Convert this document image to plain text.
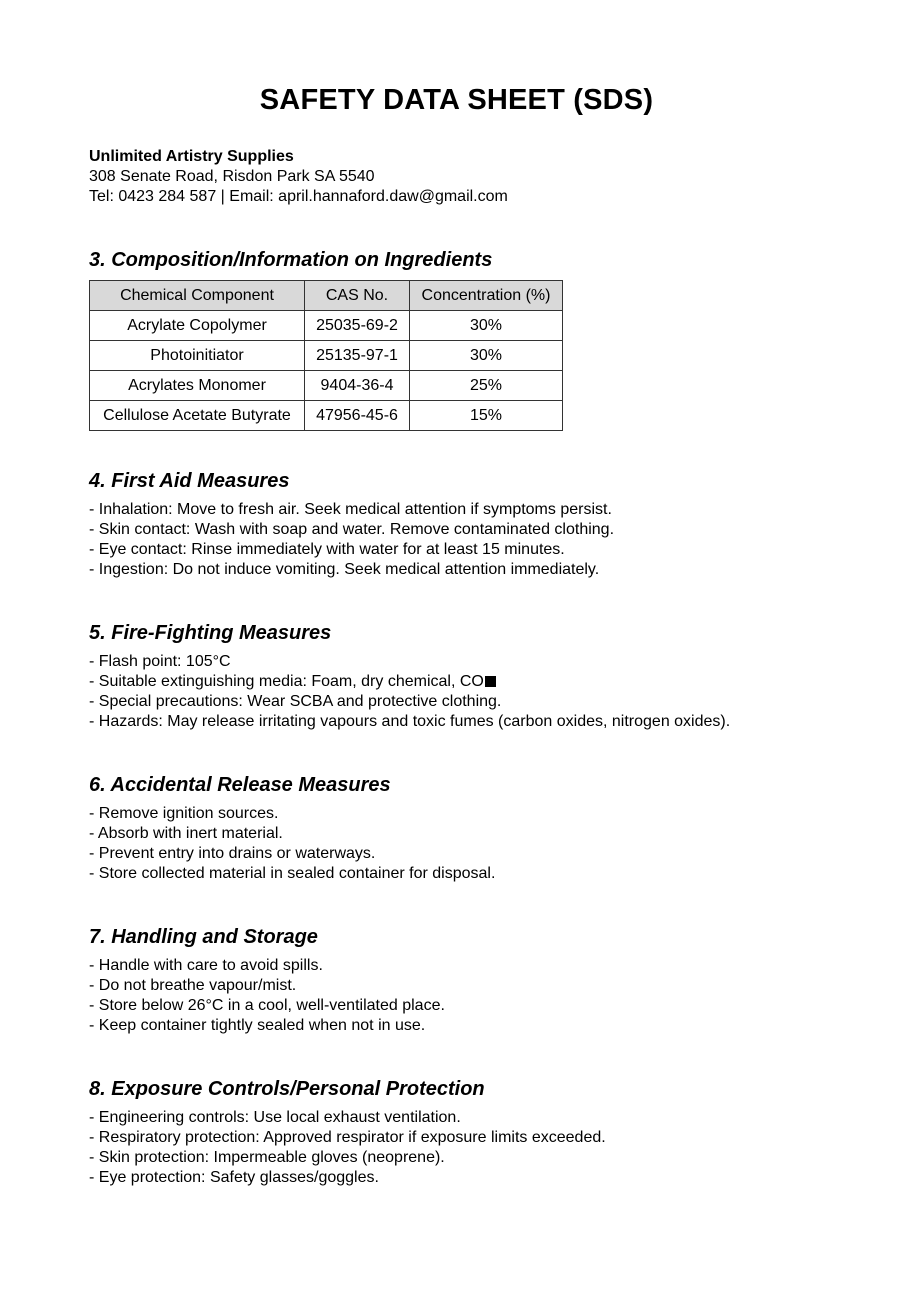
SAFETY DATA SHEET (SDS)
Unlimited Artistry Supplies
308 Senate Road, Risdon Park SA 5540
Tel: 0423 284 587 | Email: april.hannaford.daw@gmail.com
3. Composition/Information on Ingredients
Chemical Component	CAS No.	Concentration (%)
Acrylate Copolymer	25035-69-2	30%
Photoinitiator	25135-97-1	30%
Acrylates Monomer	9404-36-4	25%
Cellulose Acetate Butyrate	47956-45-6	15%
4. First Aid Measures
- Inhalation: Move to fresh air. Seek medical attention if symptoms persist.
- Skin contact: Wash with soap and water. Remove contaminated clothing.
- Eye contact: Rinse immediately with water for at least 15 minutes.
- Ingestion: Do not induce vomiting. Seek medical attention immediately.
5. Fire-Fighting Measures
- Flash point: 105°C
- Suitable extinguishing media: Foam, dry chemical, CO
- Special precautions: Wear SCBA and protective clothing.
- Hazards: May release irritating vapours and toxic fumes (carbon oxides, nitrogen oxides).
6. Accidental Release Measures
- Remove ignition sources.
- Absorb with inert material.
- Prevent entry into drains or waterways.
- Store collected material in sealed container for disposal.
7. Handling and Storage
- Handle with care to avoid spills.
- Do not breathe vapour/mist.
- Store below 26°C in a cool, well-ventilated place.
- Keep container tightly sealed when not in use.
8. Exposure Controls/Personal Protection
- Engineering controls: Use local exhaust ventilation.
- Respiratory protection: Approved respirator if exposure limits exceeded.
- Skin protection: Impermeable gloves (neoprene).
- Eye protection: Safety glasses/goggles.
